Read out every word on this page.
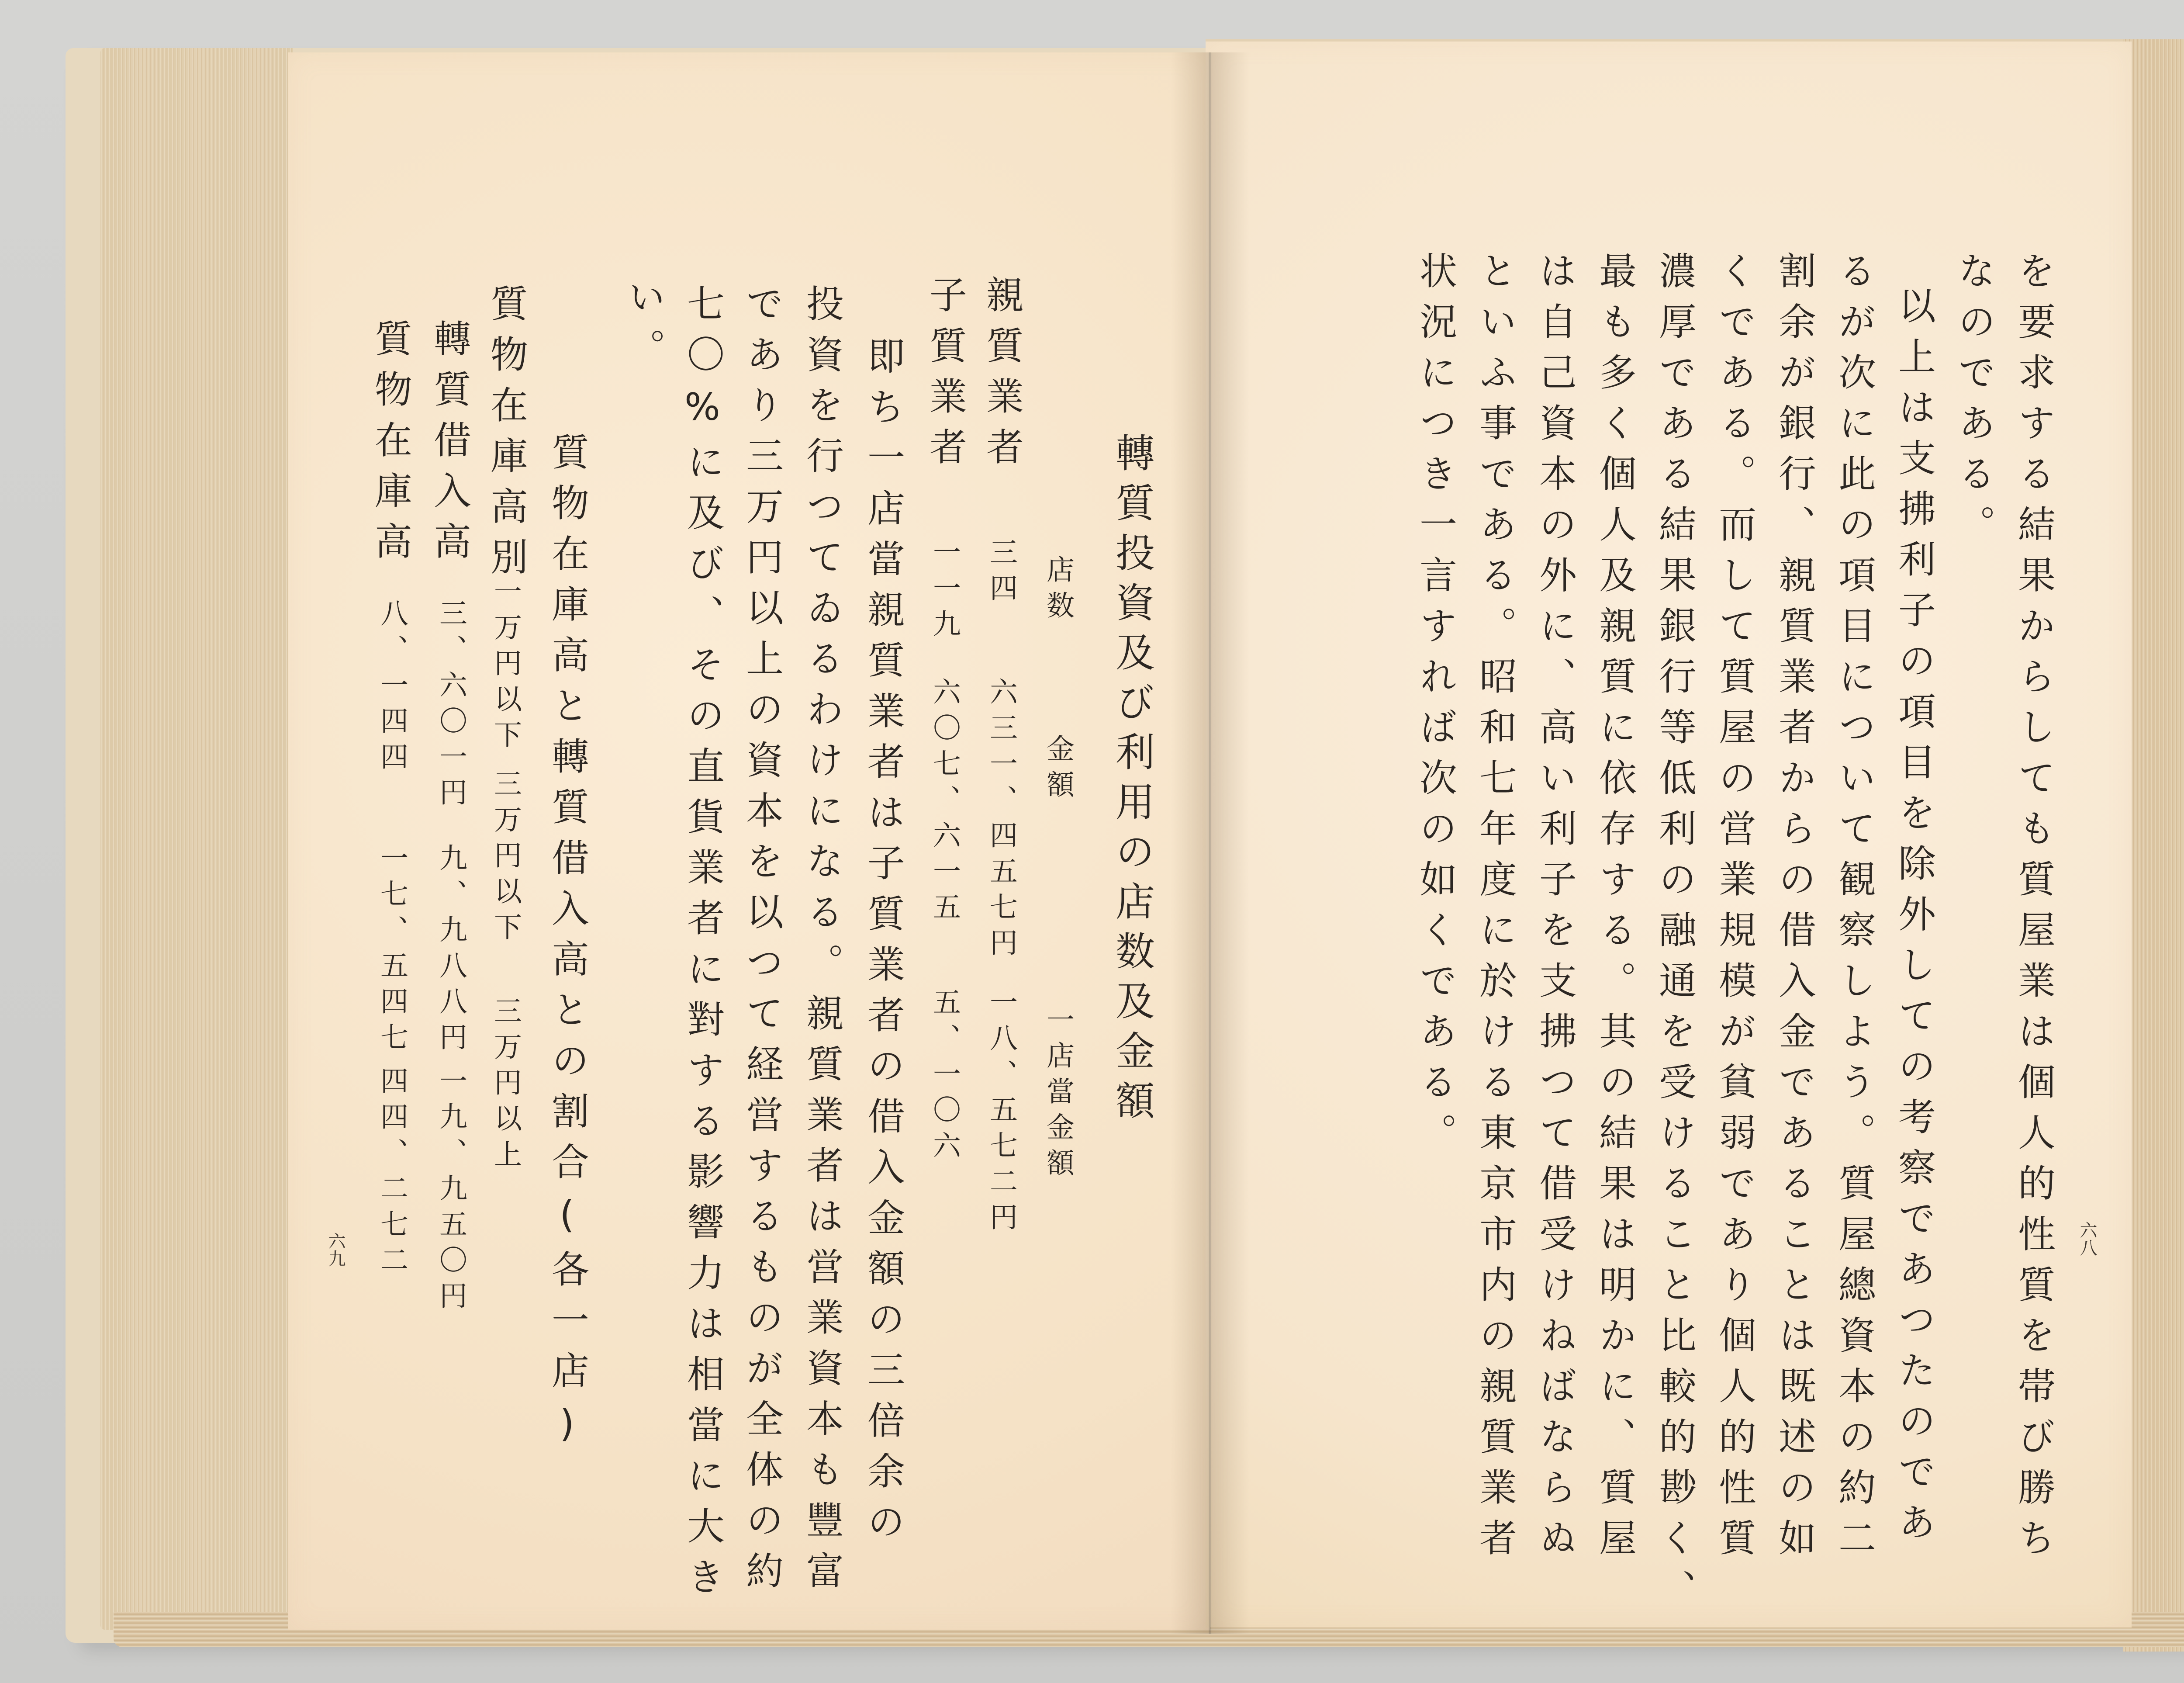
轉質投資及び利用の店数及金額
店数
金額
一店當金額
親質業者
三四
六三一、四五七円
一八、五七二円
子質業者
一一九
六〇七、六一五
五、一〇六
即ち一店當親質業者は子質業者の借入金額の三倍余の
投資を行つてゐるわけになる。親質業者は営業資本も豐富
であり三万円以上の資本を以つて経営するものが全体の約
七〇%に及び、その直貨業者に對する影響力は相當に大き
い。
質物在庫高と轉質借入高との割合(各一店)
質物在庫高別
一万円以下
三万円以下
三万円以上
轉質借入高
三、六〇一円
九、九八八円
一九、九五〇円
質物在庫高
八、一四四
一七、五四七
四四、二七二
六九	を要求する結果からしても質屋業は個人的性質を帯び勝ち
なのである。
以上は支拂利子の項目を除外しての考察であつたのであ
るが次に此の項目について観察しよう。質屋總資本の約二
割余が銀行、親質業者からの借入金であることは既述の如
くである。而して質屋の営業規模が貧弱であり個人的性質
濃厚である結果銀行等低利の融通を受けること比較的尠く、
最も多く個人及親質に依存する。其の結果は明かに、質屋
は自己資本の外に、高い利子を支拂つて借受けねばならぬ
といふ事である。昭和七年度に於ける東京市内の親質業者
状況につき一言すれば次の如くである。
六八
